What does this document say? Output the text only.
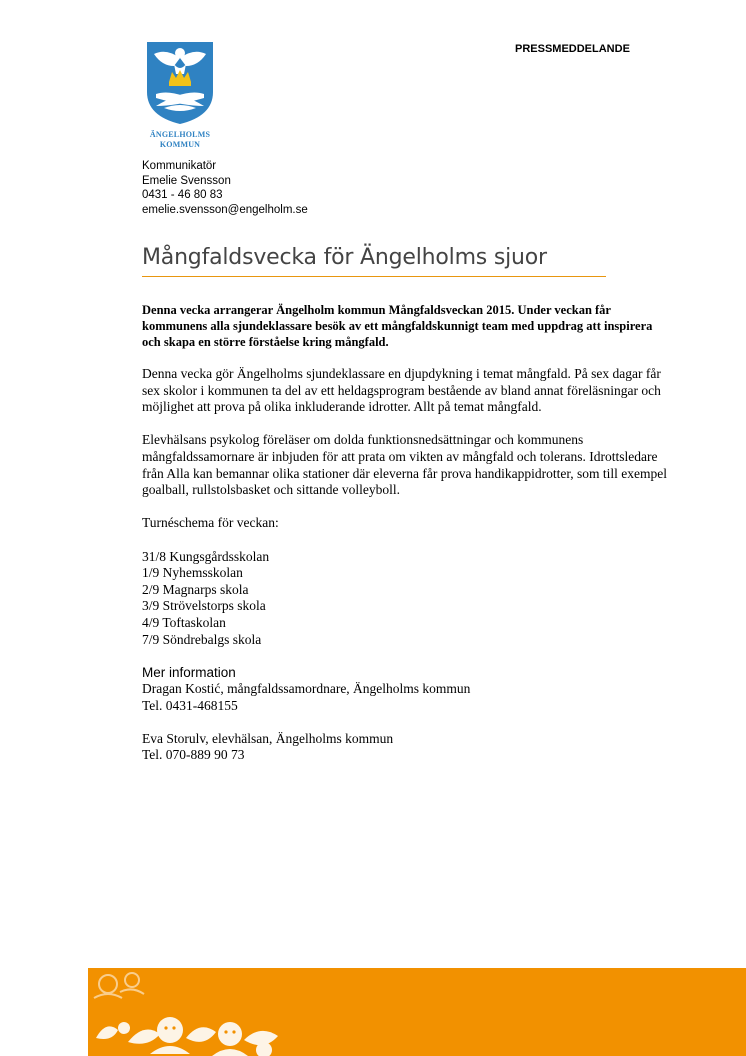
ÄNGELHOLMS
KOMMUN
PRESSMEDDELANDE
Kommunikatör
Emelie Svensson
0431 - 46 80 83
emelie.svensson@engelholm.se
Mångfaldsvecka för Ängelholms sjuor
Denna vecka arrangerar Ängelholm kommun Mångfaldsveckan 2015. Under veckan får kommunens alla sjundeklassare besök av ett mångfaldskunnigt team med uppdrag att inspirera och skapa en större förståelse kring mångfald.

Denna vecka gör Ängelholms sjundeklassare en djupdykning i temat mångfald. På sex dagar får sex skolor i kommunen ta del av ett heldagsprogram bestående av bland annat föreläsningar och möjlighet att prova på olika inkluderande idrotter. Allt på temat mångfald.

Elevhälsans psykolog föreläser om dolda funktionsnedsättningar och kommunens mångfaldssamornare är inbjuden för att prata om vikten av mångfald och tolerans. Idrottsledare från Alla kan bemannar olika stationer där eleverna får prova handikappidrotter, som till exempel goalball, rullstolsbasket och sittande volleyboll.

Turnéschema för veckan:

31/8 Kungsgårdsskolan

1/9 Nyhemsskolan

2/9 Magnarps skola

3/9 Strövelstorps skola

4/9 Toftaskolan

7/9 Söndrebalgs skola

Mer information
Dragan Kostić, mångfaldssamordnare, Ängelholms kommun
Tel. 0431-468155
Eva Storulv, elevhälsan, Ängelholms kommun
Tel. 070-889 90 73
